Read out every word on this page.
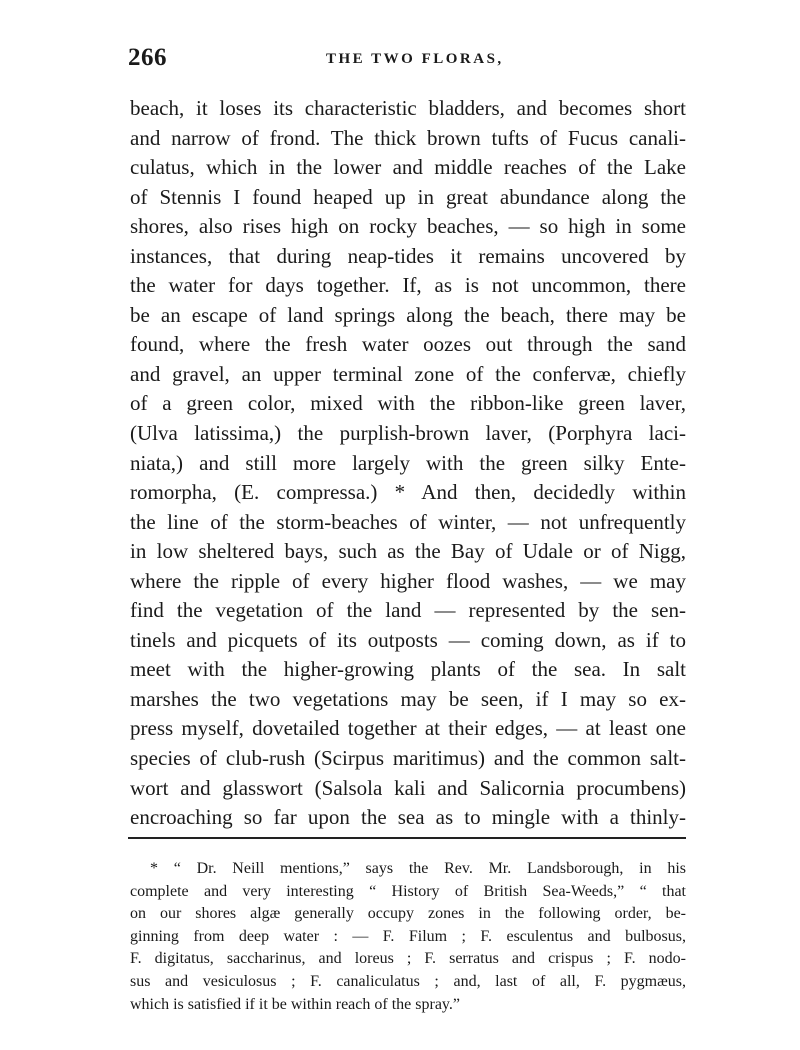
266	THE TWO FLORAS,
beach, it loses its characteristic bladders, and becomes short
and narrow of frond. The thick brown tufts of Fucus canali-
culatus, which in the lower and middle reaches of the Lake
of Stennis I found heaped up in great abundance along the
shores, also rises high on rocky beaches, — so high in some
instances, that during neap-tides it remains uncovered by
the water for days together. If, as is not uncommon, there
be an escape of land springs along the beach, there may be
found, where the fresh water oozes out through the sand
and gravel, an upper terminal zone of the confervæ, chiefly
of a green color, mixed with the ribbon-like green laver,
(Ulva latissima,) the purplish-brown laver, (Porphyra laci-
niata,) and still more largely with the green silky Ente-
romorpha, (E. compressa.) * And then, decidedly within
the line of the storm-beaches of winter, — not unfrequently
in low sheltered bays, such as the Bay of Udale or of Nigg,
where the ripple of every higher flood washes, — we may
find the vegetation of the land — represented by the sen-
tinels and picquets of its outposts — coming down, as if to
meet with the higher-growing plants of the sea. In salt
marshes the two vegetations may be seen, if I may so ex-
press myself, dovetailed together at their edges, — at least one
species of club-rush (Scirpus maritimus) and the common salt-
wort and glasswort (Salsola kali and Salicornia procumbens)
encroaching so far upon the sea as to mingle with a thinly-
* “ Dr. Neill mentions,” says the Rev. Mr. Landsborough, in his
complete and very interesting “ History of British Sea-Weeds,” “ that
on our shores algæ generally occupy zones in the following order, be-
ginning from deep water : — F. Filum ; F. esculentus and bulbosus,
F. digitatus, saccharinus, and loreus ; F. serratus and crispus ; F. nodo-
sus and vesiculosus ; F. canaliculatus ; and, last of all, F. pygmæus,
which is satisfied if it be within reach of the spray.”
